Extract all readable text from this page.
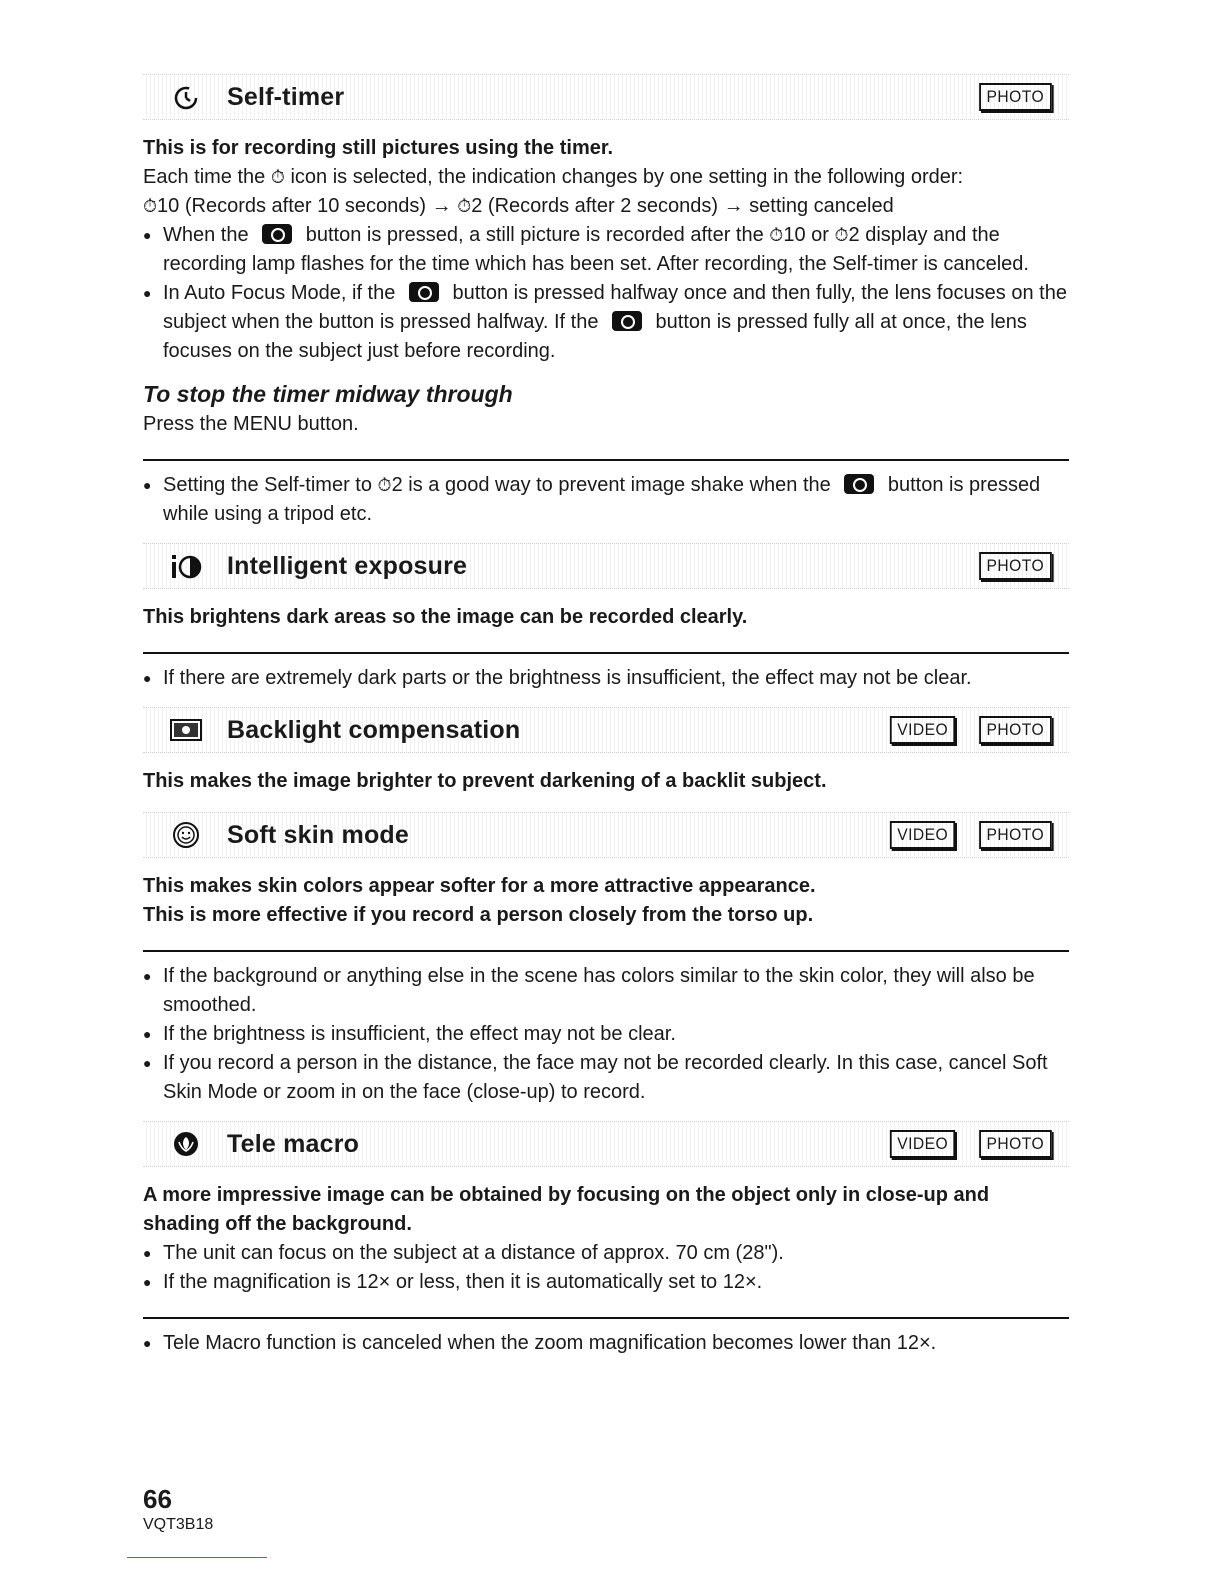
Self-timer	PHOTO

This is for recording still pictures using the timer.

Each time the ⏱ icon is selected, the indication changes by one setting in the following order:

⏱10 (Records after 10 seconds) → ⏱2 (Records after 2 seconds) → setting canceled

● When the  button is pressed, a still picture is recorded after the ⏱10 or ⏱2 display and the recording lamp flashes for the time which has been set. After recording, the Self-timer is canceled.
● In Auto Focus Mode, if the  button is pressed halfway once and then fully, the lens focuses on the subject when the button is pressed halfway. If the  button is pressed fully all at once, the lens focuses on the subject just before recording.

To stop the timer midway through

Press the MENU button.

● Setting the Self-timer to ⏱2 is a good way to prevent image shake when the  button is pressed while using a tripod etc.
Intelligent exposure	PHOTO

This brightens dark areas so the image can be recorded clearly.

● If there are extremely dark parts or the brightness is insufficient, the effect may not be clear.
Backlight compensation	VIDEO	PHOTO

This makes the image brighter to prevent darkening of a backlit subject.

Soft skin mode	VIDEO	PHOTO

This makes skin colors appear softer for a more attractive appearance.

This is more effective if you record a person closely from the torso up.

● If the background or anything else in the scene has colors similar to the skin color, they will also be smoothed.
● If the brightness is insufficient, the effect may not be clear.
● If you record a person in the distance, the face may not be recorded clearly. In this case, cancel Soft Skin Mode or zoom in on the face (close-up) to record.
Tele macro	VIDEO	PHOTO

A more impressive image can be obtained by focusing on the object only in close-up and shading off the background.

● The unit can focus on the subject at a distance of approx. 70 cm (28").
● If the magnification is 12× or less, then it is automatically set to 12×.
● Tele Macro function is canceled when the zoom magnification becomes lower than 12×.
66
VQT3B18
